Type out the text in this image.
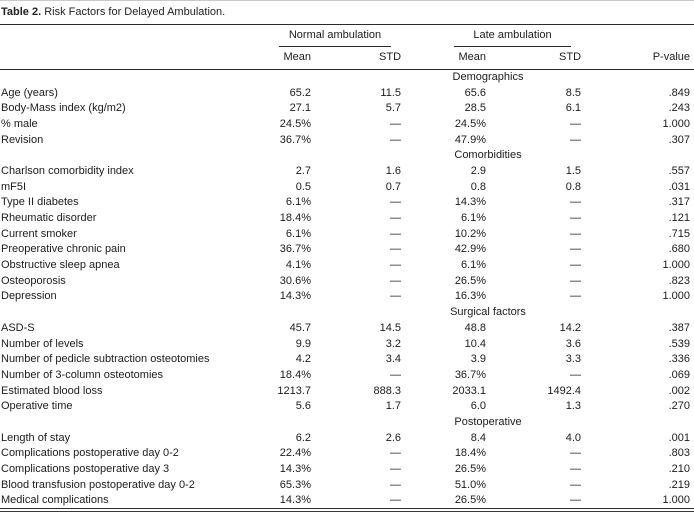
Table 2. Risk Factors for Delayed Ambulation.

	Normal ambulation		Late ambulation		

	Mean	STD	Mean	STD	P-value
	Demographics				
Age (years)	65.2	11.5	65.6	8.5	.849
Body-Mass index (kg/m2)	27.1	5.7	28.5	6.1	.243
% male	24.5%	—	24.5%	—	1.000
Revision	36.7%	—	47.9%	—	.307
	Comorbidities				
Charlson comorbidity index	2.7	1.6	2.9	1.5	.557
mF5I	0.5	0.7	0.8	0.8	.031
Type II diabetes	6.1%	—	14.3%	—	.317
Rheumatic disorder	18.4%	—	6.1%	—	.121
Current smoker	6.1%	—	10.2%	—	.715
Preoperative chronic pain	36.7%	—	42.9%	—	.680
Obstructive sleep apnea	4.1%	—	6.1%	—	1.000
Osteoporosis	30.6%	—	26.5%	—	.823
Depression	14.3%	—	16.3%	—	1.000
	Surgical factors				
ASD-S	45.7	14.5	48.8	14.2	.387
Number of levels	9.9	3.2	10.4	3.6	.539
Number of pedicle subtraction osteotomies	4.2	3.4	3.9	3.3	.336
Number of 3-column osteotomies	18.4%	—	36.7%	—	.069
Estimated blood loss	1213.7	888.3	2033.1	1492.4	.002
Operative time	5.6	1.7	6.0	1.3	.270
	Postoperative				
Length of stay	6.2	2.6	8.4	4.0	.001
Complications postoperative day 0-2	22.4%	—	18.4%	—	.803
Complications postoperative day 3	14.3%	—	26.5%	—	.210
Blood transfusion postoperative day 0-2	65.3%	—	51.0%	—	.219
Medical complications	14.3%	—	26.5%	—	1.000
